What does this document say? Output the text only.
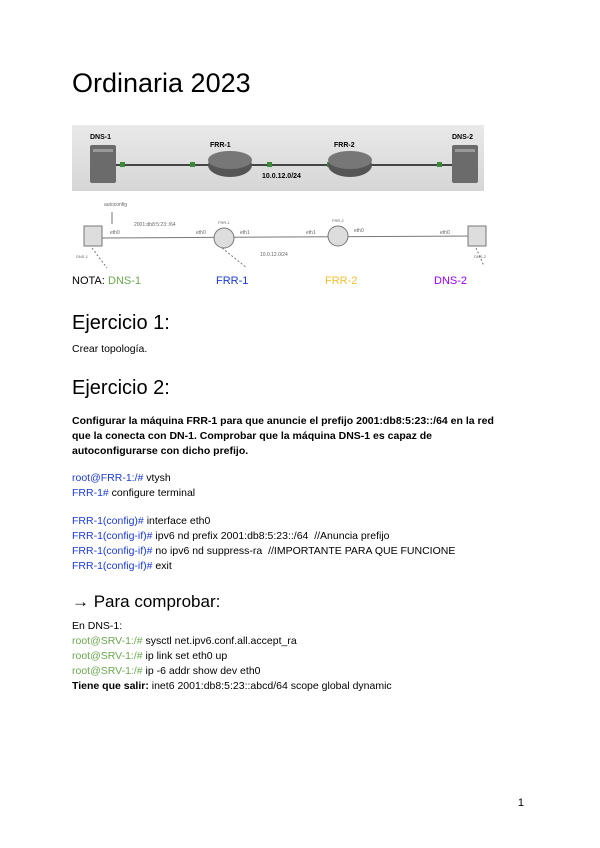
Ordinaria 2023
DNS-1
FRR-1	FRR-2
DNS-2
10.0.12.0/24
autoconfig
2001:db8:5:23::/64
eth0	eth0	eth1	eth1	eth0	eth0
10.0.12.0/24
DNS-1
FRR-1	FRR-2
DNS-2
NOTA: DNS-1	FRR-1	FRR-2	DNS-2
Ejercicio 1:
Crear topología.
Ejercicio 2:
Configurar la máquina FRR-1 para que anuncie el prefijo 2001:db8:5:23::/64 en la red
que la conecta con DN-1. Comprobar que la máquina DNS-1 es capaz de
autoconfigurarse con dicho prefijo.
root@FRR-1:/# vtysh
FRR-1# configure terminal
FRR-1(config)# interface eth0
FRR-1(config-if)# ipv6 nd prefix 2001:db8:5:23::/64  //Anuncia prefijo
FRR-1(config-if)# no ipv6 nd suppress-ra  //IMPORTANTE PARA QUE FUNCIONE
FRR-1(config-if)# exit
→ Para comprobar:
En DNS-1:
root@SRV-1:/# sysctl net.ipv6.conf.all.accept_ra
root@SRV-1:/# ip link set eth0 up
root@SRV-1:/# ip -6 addr show dev eth0
Tiene que salir: inet6 2001:db8:5:23::abcd/64 scope global dynamic
1
